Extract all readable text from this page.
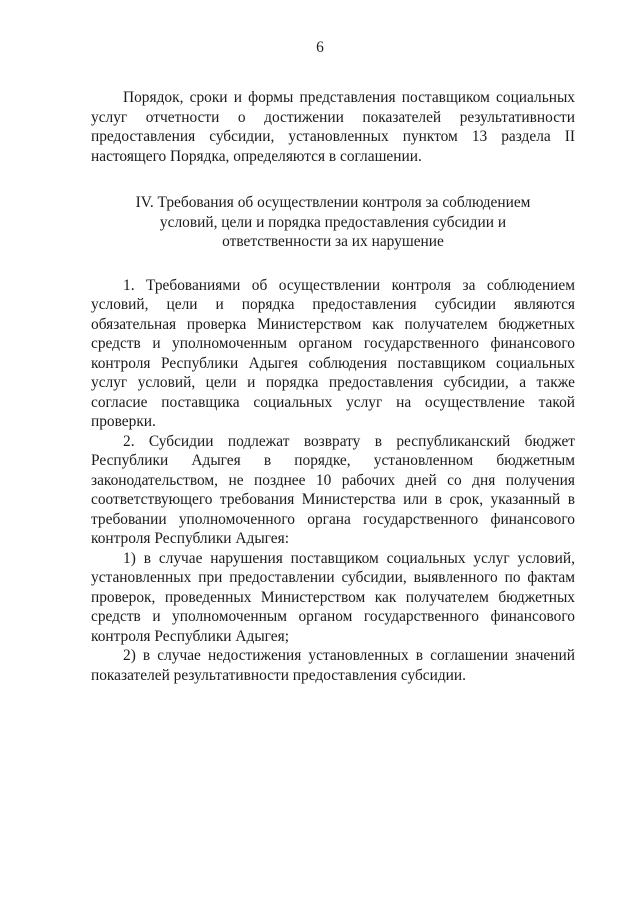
6

Порядок, сроки и формы представления поставщиком социальных услуг отчетности о достижении показателей результативности предоставления субсидии, установленных пунктом 13 раздела II настоящего Порядка, определяются в соглашении.

IV. Требования об осуществлении контроля за соблюдением условий, цели и порядка предоставления субсидии и ответственности за их нарушение

1. Требованиями об осуществлении контроля за соблюдением условий, цели и порядка предоставления субсидии являются обязательная проверка Министерством как получателем бюджетных средств и уполномоченным органом государственного финансового контроля Республики Адыгея соблюдения поставщиком социальных услуг условий, цели и порядка предоставления субсидии, а также согласие поставщика социальных услуг на осуществление такой проверки.

2. Субсидии подлежат возврату в республиканский бюджет Республики Адыгея в порядке, установленном бюджетным законодательством, не позднее 10 рабочих дней со дня получения соответствующего требования Министерства или в срок, указанный в требовании уполномоченного органа государственного финансового контроля Республики Адыгея:

1) в случае нарушения поставщиком социальных услуг условий, установленных при предоставлении субсидии, выявленного по фактам проверок, проведенных Министерством как получателем бюджетных средств и уполномоченным органом государственного финансового контроля Республики Адыгея;

2) в случае недостижения установленных в соглашении значений показателей результативности предоставления субсидии.
